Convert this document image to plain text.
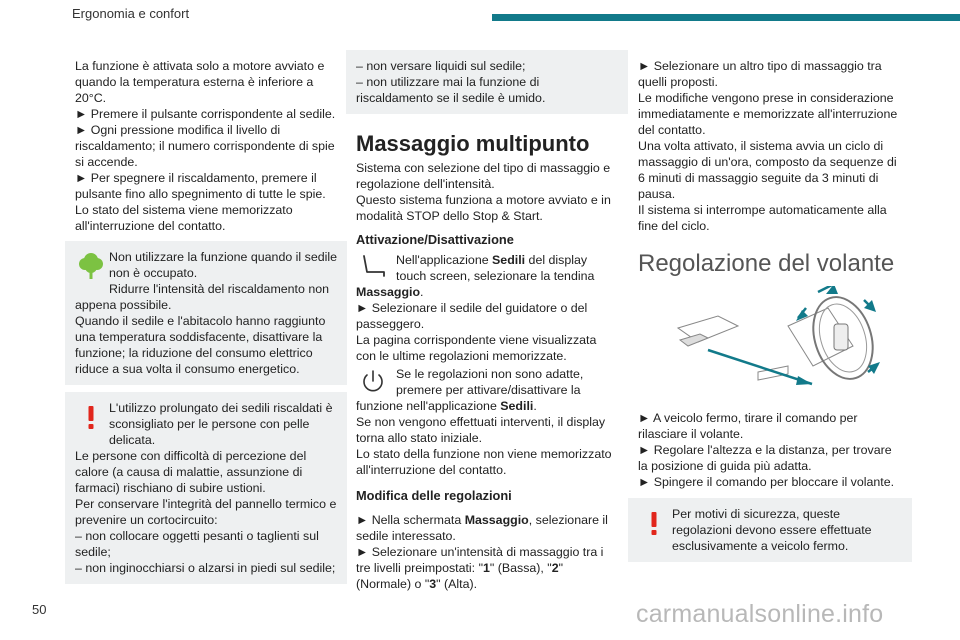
Ergonomia e confort

La funzione è attivata solo a motore avviato e quando la temperatura esterna è inferiore a 20°C.

► Premere il pulsante corrispondente al sedile.

► Ogni pressione modifica il livello di riscaldamento; il numero corrispondente di spie si accende.

► Per spegnere il riscaldamento, premere il pulsante fino allo spegnimento di tutte le spie.

Lo stato del sistema viene memorizzato all'interruzione del contatto.

Non utilizzare la funzione quando il sedile non è occupato.

Ridurre l'intensità del riscaldamento non appena possibile.

Quando il sedile e l'abitacolo hanno raggiunto una temperatura soddisfacente, disattivare la funzione; la riduzione del consumo elettrico riduce a sua volta il consumo energetico.

L'utilizzo prolungato dei sedili riscaldati è sconsigliato per le persone con pelle delicata.

Le persone con difficoltà di percezione del calore (a causa di malattie, assunzione di farmaci) rischiano di subire ustioni.

Per conservare l'integrità del pannello termico e prevenire un cortocircuito:

– non collocare oggetti pesanti o taglienti sul sedile;

– non inginocchiarsi o alzarsi in piedi sul sedile;

– non versare liquidi sul sedile;

– non utilizzare mai la funzione di riscaldamento se il sedile è umido.

Massaggio multipunto

Sistema con selezione del tipo di massaggio e regolazione dell'intensità.

Questo sistema funziona a motore avviato e in modalità STOP dello Stop & Start.

Attivazione/Disattivazione

Nell'applicazione Sedili del display touch screen, selezionare la tendina Massaggio.

► Selezionare il sedile del guidatore o del passeggero.

La pagina corrispondente viene visualizzata con le ultime regolazioni memorizzate.

Se le regolazioni non sono adatte, premere per attivare/disattivare la funzione nell'applicazione Sedili.

Se non vengono effettuati interventi, il display torna allo stato iniziale.

Lo stato della funzione non viene memorizzato all'interruzione del contatto.

Modifica delle regolazioni

► Nella schermata Massaggio, selezionare il sedile interessato.

► Selezionare un'intensità di massaggio tra i tre livelli preimpostati: "1" (Bassa), "2" (Normale) o "3" (Alta).

► Selezionare un altro tipo di massaggio tra quelli proposti.

Le modifiche vengono prese in considerazione immediatamente e memorizzate all'interruzione del contatto.

Una volta attivato, il sistema avvia un ciclo di massaggio di un'ora, composto da sequenze di 6 minuti di massaggio seguite da 3 minuti di pausa.

Il sistema si interrompe automaticamente alla fine del ciclo.

Regolazione del volante

► A veicolo fermo, tirare il comando per rilasciare il volante.

► Regolare l'altezza e la distanza, per trovare la posizione di guida più adatta.

► Spingere il comando per bloccare il volante.

Per motivi di sicurezza, queste regolazioni devono essere effettuate esclusivamente a veicolo fermo.

50	carmanualsonline.info
